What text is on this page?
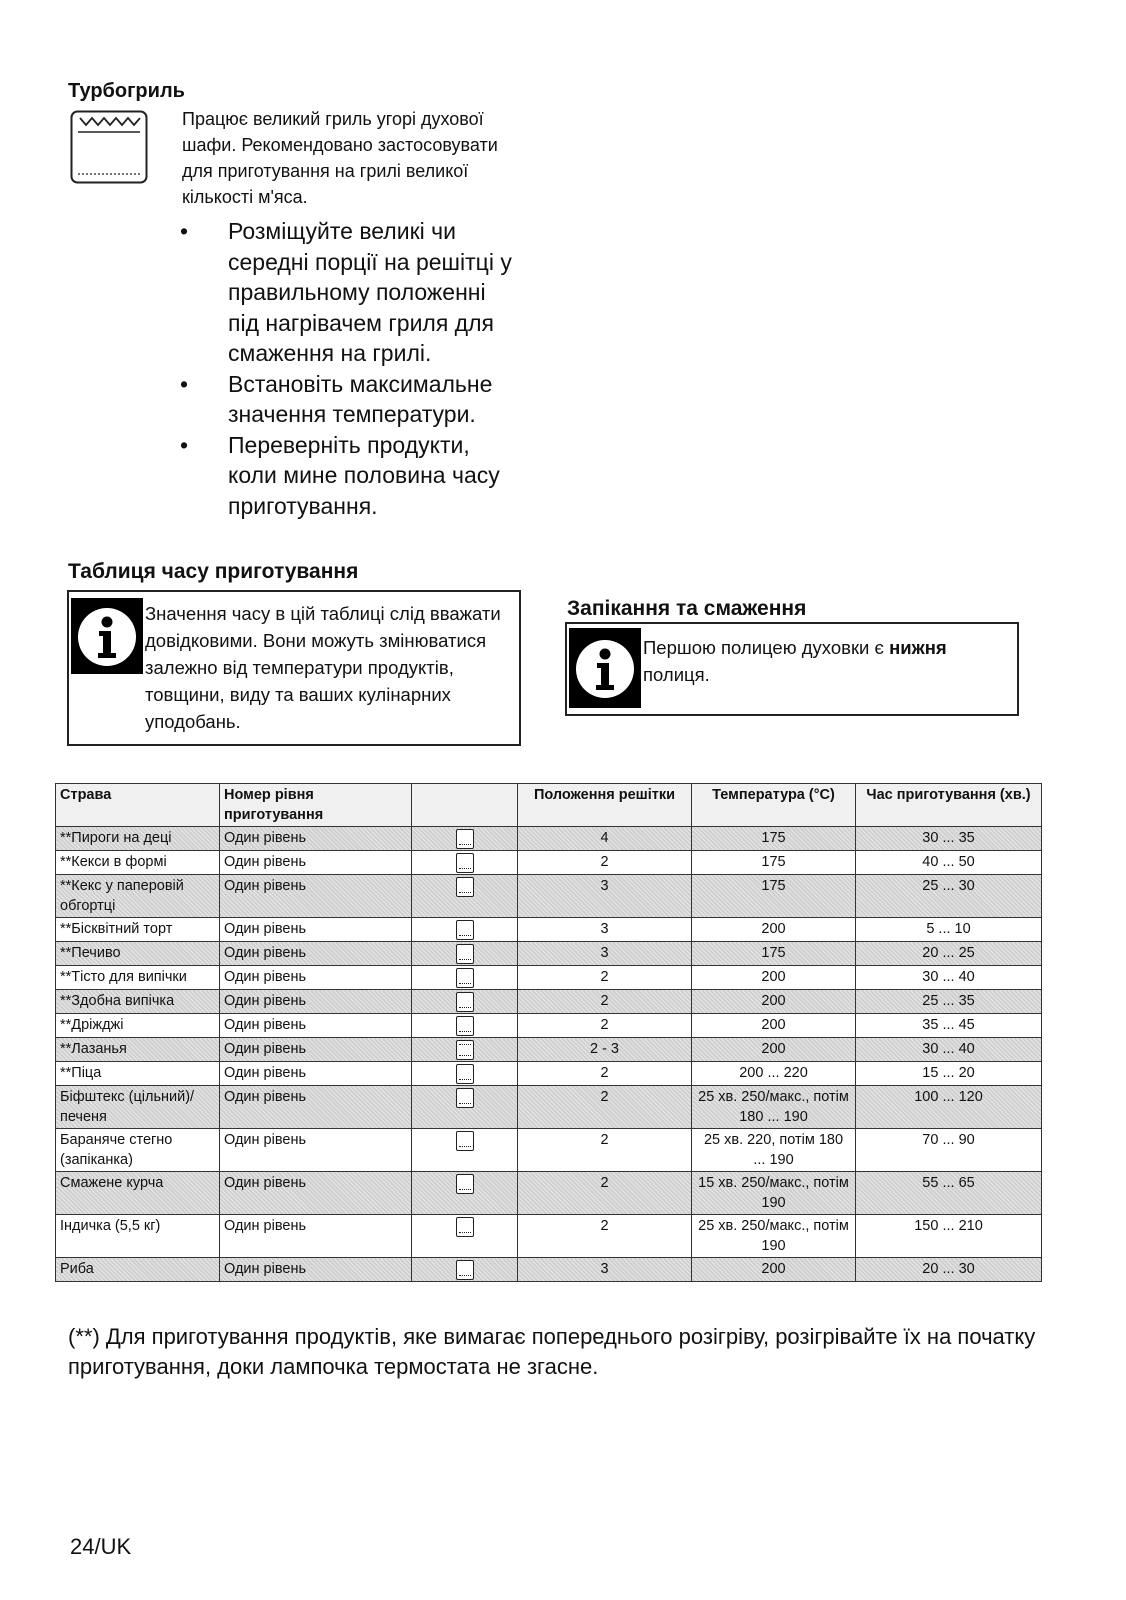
Турбогриль
Працює великий гриль угорі духової шафи. Рекомендовано застосовувати для приготування на грилі великої кількості м'яса.
• Розміщуйте великі чи середні порції на решітці у правильному положенні під нагрівачем гриля для смаження на грилі.
• Встановіть максимальне значення температури.
• Переверніть продукти, коли мине половина часу приготування.
Таблиця часу приготування
Значення часу в цій таблиці слід вважати довідковими. Вони можуть змінюватися залежно від температури продуктів, товщини, виду та ваших кулінарних уподобань.
Запікання та смаження
Першою полицею духовки є нижня полиця.
Страва	Номер рівня приготування		Положення решітки	Температура (°C)	Час приготування (хв.)
**Пироги на деці	Один рівень		4	175	30 ... 35
**Кекси в формі	Один рівень		2	175	40 ... 50
**Кекс у паперовій обгортці	Один рівень		3	175	25 ... 30
**Бісквітний торт	Один рівень		3	200	5 ... 10
**Печиво	Один рівень		3	175	20 ... 25
**Тісто для випічки	Один рівень		2	200	30 ... 40
**Здобна випічка	Один рівень		2	200	25 ... 35
**Дріжджі	Один рівень		2	200	35 ... 45
**Лазанья	Один рівень		2 - 3	200	30 ... 40
**Піца	Один рівень		2	200 ... 220	15 ... 20
Біфштекс (цільний)/печеня	Один рівень		2	25 хв. 250/макс., потім 180 ... 190	100 ... 120
Бараняче стегно (запіканка)	Один рівень		2	25 хв. 220, потім 180 ... 190	70 ... 90
Смажене курча	Один рівень		2	15 хв. 250/макс., потім 190	55 ... 65
Індичка (5,5 кг)	Один рівень		2	25 хв. 250/макс., потім 190	150 ... 210
Риба	Один рівень		3	200	20 ... 30
(**) Для приготування продуктів, яке вимагає попереднього розігріву, розігрівайте їх на початку приготування, доки лампочка термостата не згасне.
24/UK
